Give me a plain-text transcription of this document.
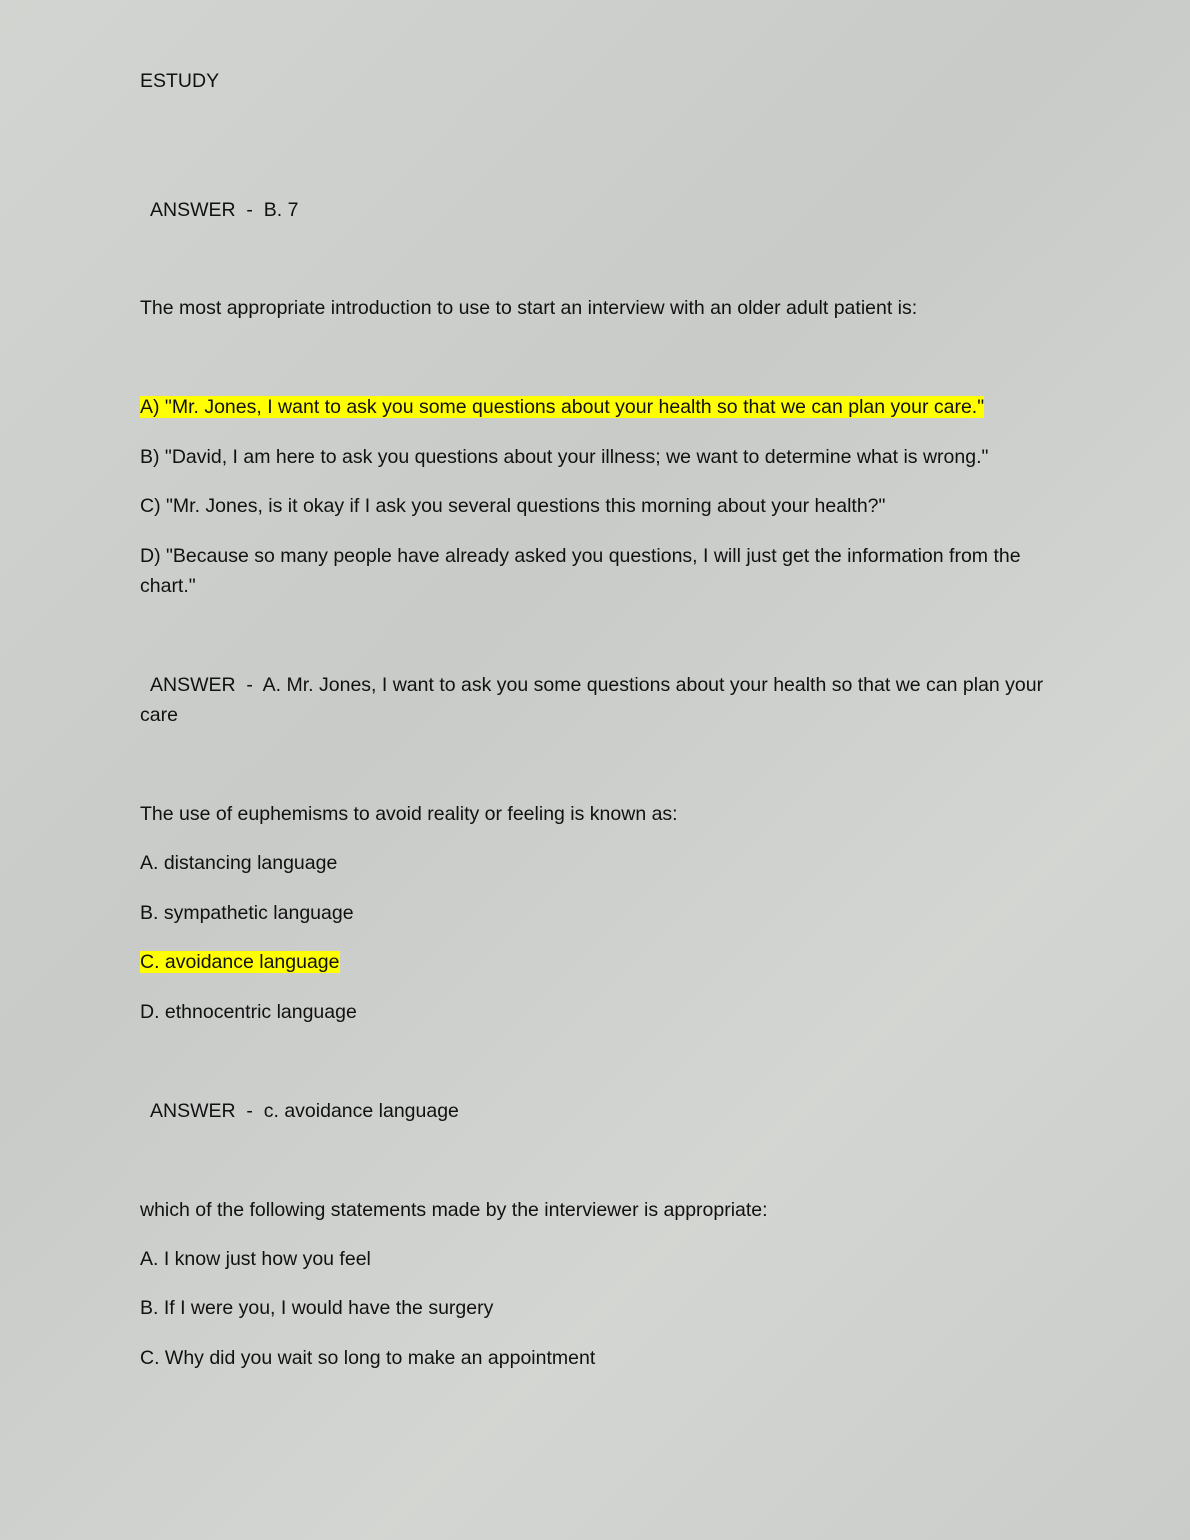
ESTUDY
ANSWER  -  B. 7
The most appropriate introduction to use to start an interview with an older adult patient is:
A) "Mr. Jones, I want to ask you some questions about your health so that we can plan your care."
B) "David, I am here to ask you questions about your illness; we want to determine what is wrong."
C) "Mr. Jones, is it okay if I ask you several questions this morning about your health?"
D) "Because so many people have already asked you questions, I will just get the information from the chart."
ANSWER  -  A. Mr. Jones, I want to ask you some questions about your health so that we can plan your care
The use of euphemisms to avoid reality or feeling is known as:
A. distancing language
B. sympathetic language
C. avoidance language
D. ethnocentric language
ANSWER  -  c. avoidance language
which of the following statements made by the interviewer is appropriate:
A. I know just how you feel
B. If I were you, I would have the surgery
C. Why did you wait so long to make an appointment
